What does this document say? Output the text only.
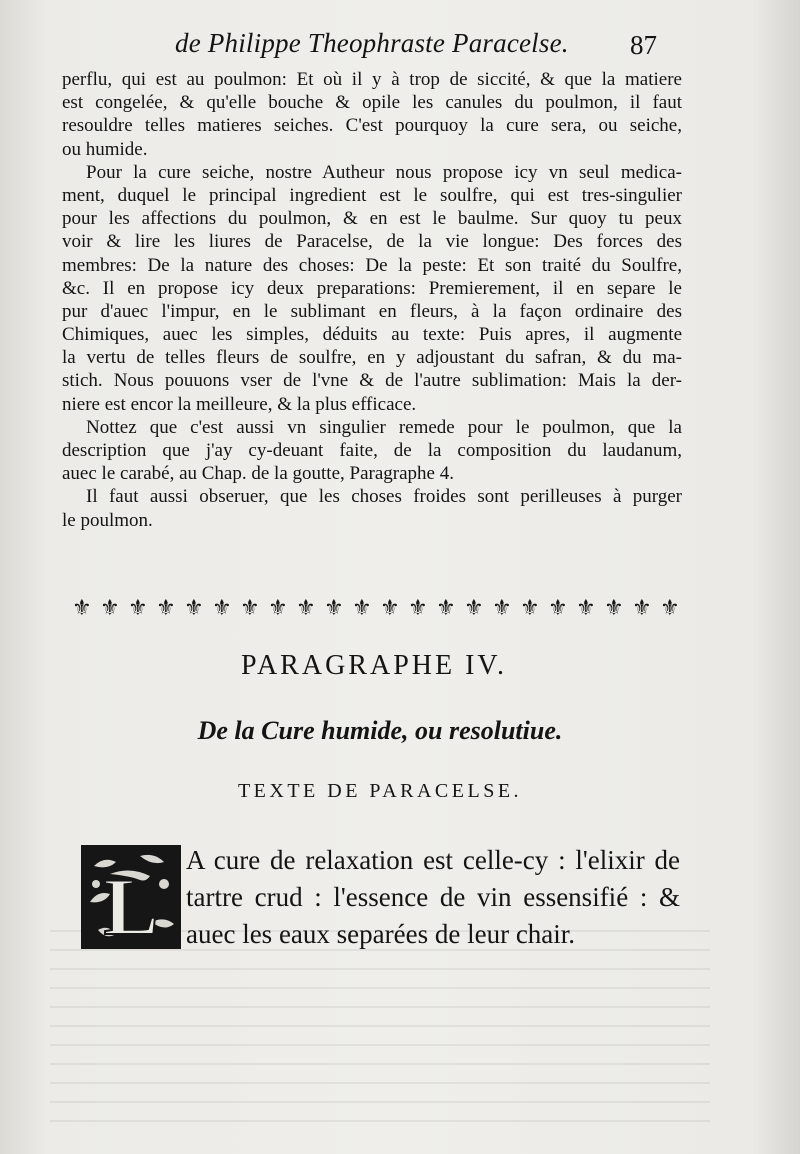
de Philippe Theophraste Paracelse. 87
perflu, qui est au poulmon: Et où il y à trop de siccité, & que la matiere
est congelée, & qu'elle bouche & opile les canules du poulmon, il faut
resouldre telles matieres seiches. C'est pourquoy la cure sera, ou seiche,
ou humide.
Pour la cure seiche, nostre Autheur nous propose icy vn seul medica-
ment, duquel le principal ingredient est le soulfre, qui est tres-singulier
pour les affections du poulmon, & en est le baulme. Sur quoy tu peux
voir & lire les liures de Paracelse, de la vie longue: Des forces des
membres: De la nature des choses: De la peste: Et son traité du Soulfre,
&c. Il en propose icy deux preparations: Premierement, il en separe le
pur d'auec l'impur, en le sublimant en fleurs, à la façon ordinaire des
Chimiques, auec les simples, déduits au texte: Puis apres, il augmente
la vertu de telles fleurs de soulfre, en y adjoustant du safran, & du ma-
stich. Nous pouuons vser de l'vne & de l'autre sublimation: Mais la der-
niere est encor la meilleure, & la plus efficace.
Nottez que c'est aussi vn singulier remede pour le poulmon, que la
description que j'ay cy-deuant faite, de la composition du laudanum,
auec le carabé, au Chap. de la goutte, Paragraphe 4.
Il faut aussi obseruer, que les choses froides sont perilleuses à purger
le poulmon.
⚜ ⚜ ⚜ ⚜ ⚜ ⚜ ⚜ ⚜ ⚜ ⚜ ⚜ ⚜ ⚜ ⚜ ⚜ ⚜ ⚜ ⚜ ⚜ ⚜ ⚜ ⚜
PARAGRAPHE IV.
De la Cure humide, ou resolutiue.
TEXTE DE PARACELSE.
L
A cure de relaxation est celle-cy : l'elixir de
tartre crud : l'essence de vin essensifié : &
auec les eaux separées de leur chair.
